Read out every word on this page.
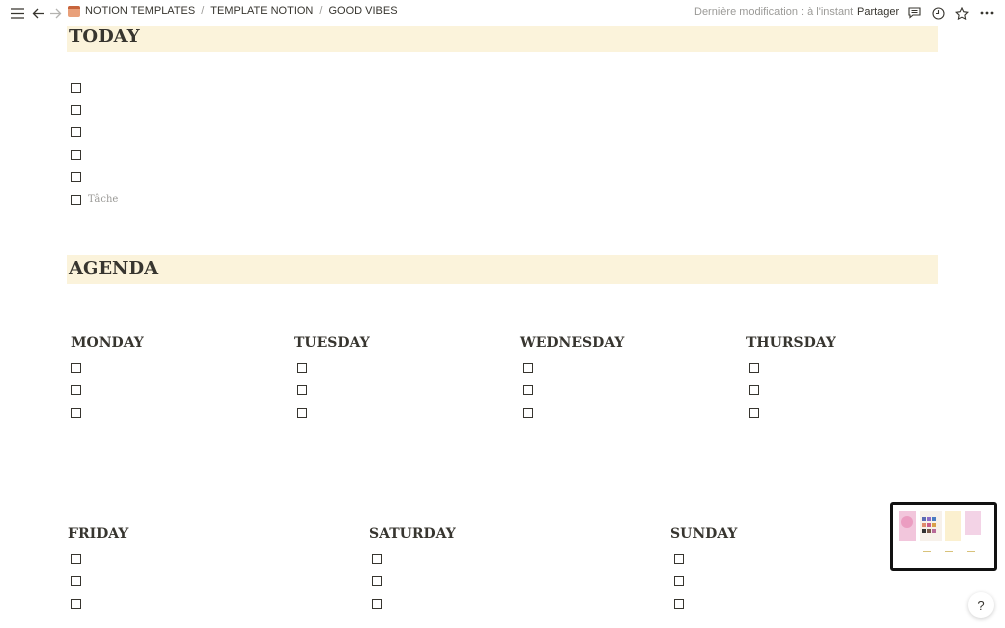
NOTION TEMPLATES / TEMPLATE NOTION / GOOD VIBES	Dernière modification : à l'instant Partager
TODAY
Tâche
AGENDA
MONDAY	TUESDAY	WEDNESDAY	THURSDAY
FRIDAY	SATURDAY	SUNDAY
?
